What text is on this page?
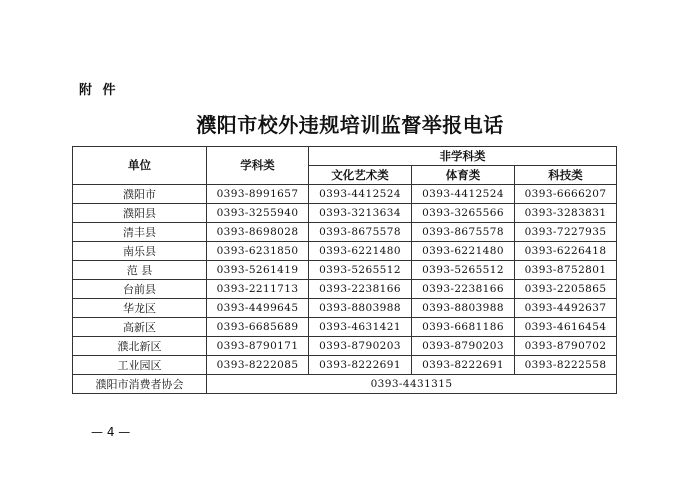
附 件
濮阳市校外违规培训监督举报电话
单位	学科类	非学科类		
		文化艺术类	体育类	科技类
濮阳市	0393-8991657	0393-4412524	0393-4412524	0393-6666207
濮阳县	0393-3255940	0393-3213634	0393-3265566	0393-3283831
清丰县	0393-8698028	0393-8675578	0393-8675578	0393-7227935
南乐县	0393-6231850	0393-6221480	0393-6221480	0393-6226418
范 县	0393-5261419	0393-5265512	0393-5265512	0393-8752801
台前县	0393-2211713	0393-2238166	0393-2238166	0393-2205865
华龙区	0393-4499645	0393-8803988	0393-8803988	0393-4492637
高新区	0393-6685689	0393-4631421	0393-6681186	0393-4616454
濮北新区	0393-8790171	0393-8790203	0393-8790203	0393-8790702
工业园区	0393-8222085	0393-8222691	0393-8222691	0393-8222558
濮阳市消费者协会	0393-4431315			
— 4 —
